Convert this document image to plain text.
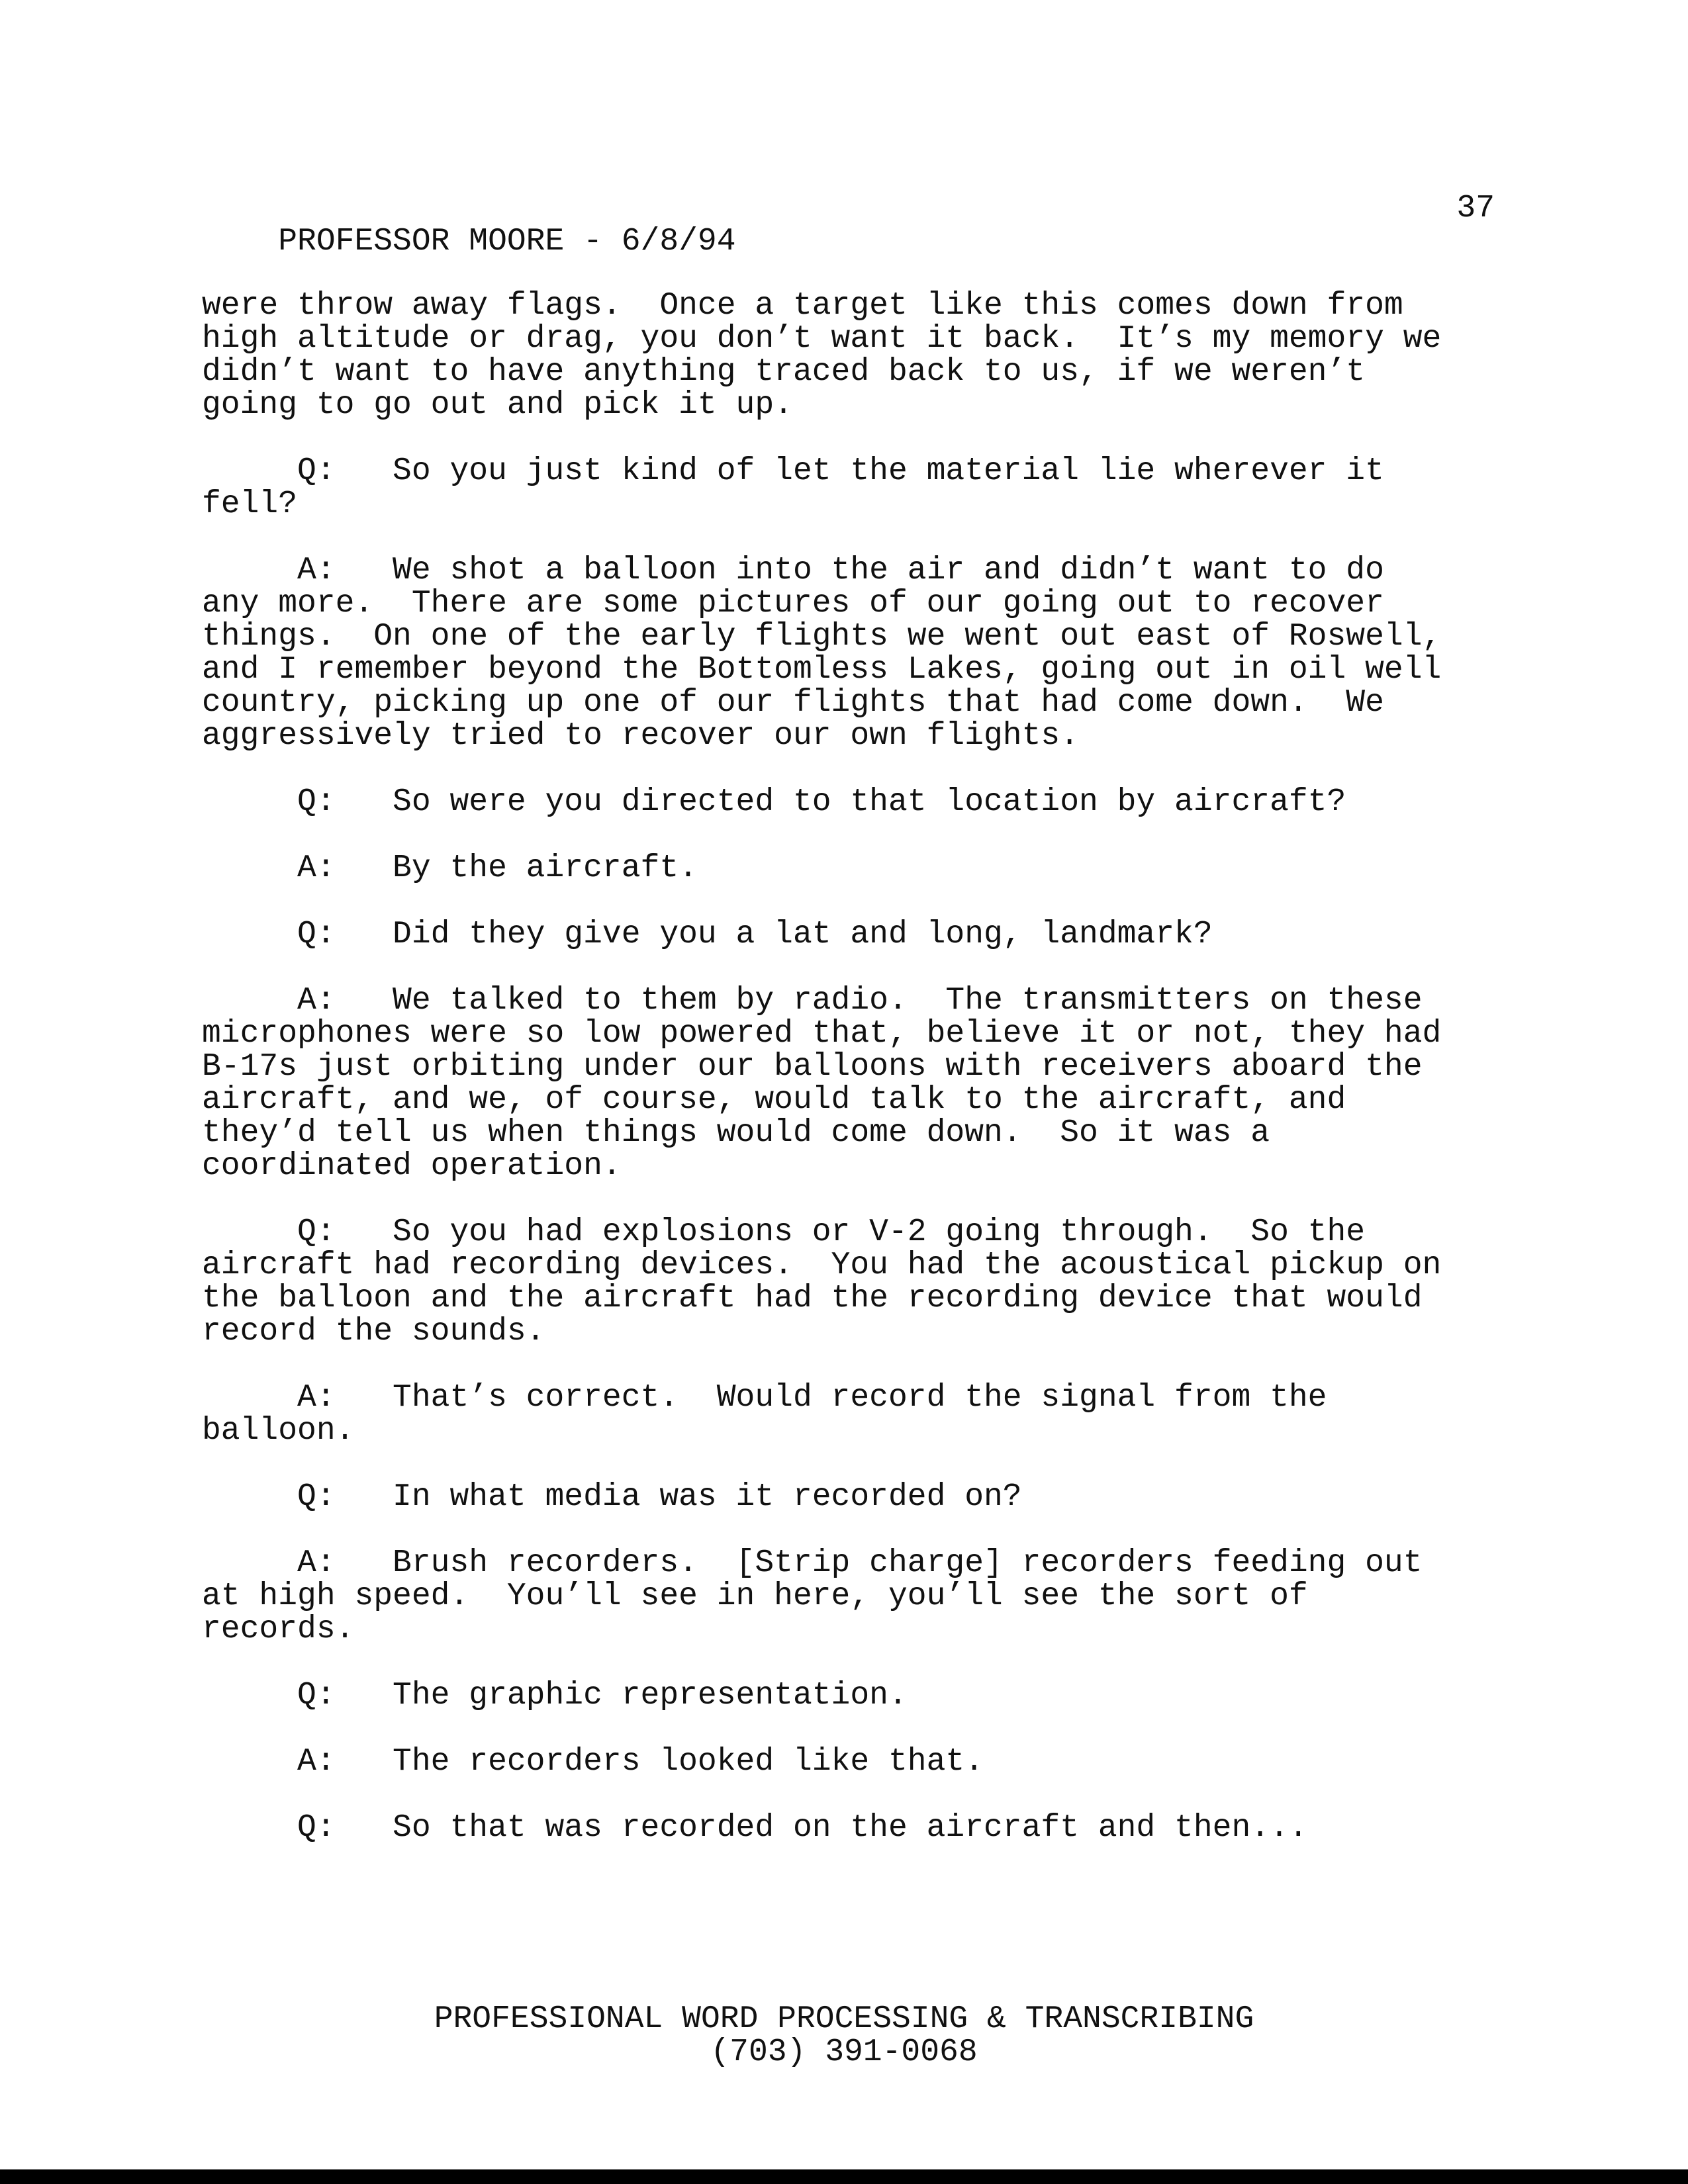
PROFESSOR MOORE - 6/8/94

37

were throw away flags.  Once a target like this comes down from
high altitude or drag, you don’t want it back.  It’s my memory we
didn’t want to have anything traced back to us, if we weren’t
going to go out and pick it up.
Q:   So you just kind of let the material lie wherever it
fell?
A:   We shot a balloon into the air and didn’t want to do
any more.  There are some pictures of our going out to recover
things.  On one of the early flights we went out east of Roswell,
and I remember beyond the Bottomless Lakes, going out in oil well
country, picking up one of our flights that had come down.  We
aggressively tried to recover our own flights.
Q:   So were you directed to that location by aircraft?
A:   By the aircraft.
Q:   Did they give you a lat and long, landmark?
A:   We talked to them by radio.  The transmitters on these
microphones were so low powered that, believe it or not, they had
B-17s just orbiting under our balloons with receivers aboard the
aircraft, and we, of course, would talk to the aircraft, and
they’d tell us when things would come down.  So it was a
coordinated operation.
Q:   So you had explosions or V-2 going through.  So the
aircraft had recording devices.  You had the acoustical pickup on
the balloon and the aircraft had the recording device that would
record the sounds.
A:   That’s correct.  Would record the signal from the
balloon.
Q:   In what media was it recorded on?
A:   Brush recorders.  [Strip charge] recorders feeding out
at high speed.  You’ll see in here, you’ll see the sort of
records.
Q:   The graphic representation.
A:   The recorders looked like that.
Q:   So that was recorded on the aircraft and then...
PROFESSIONAL WORD PROCESSING & TRANSCRIBING
(703) 391-0068
